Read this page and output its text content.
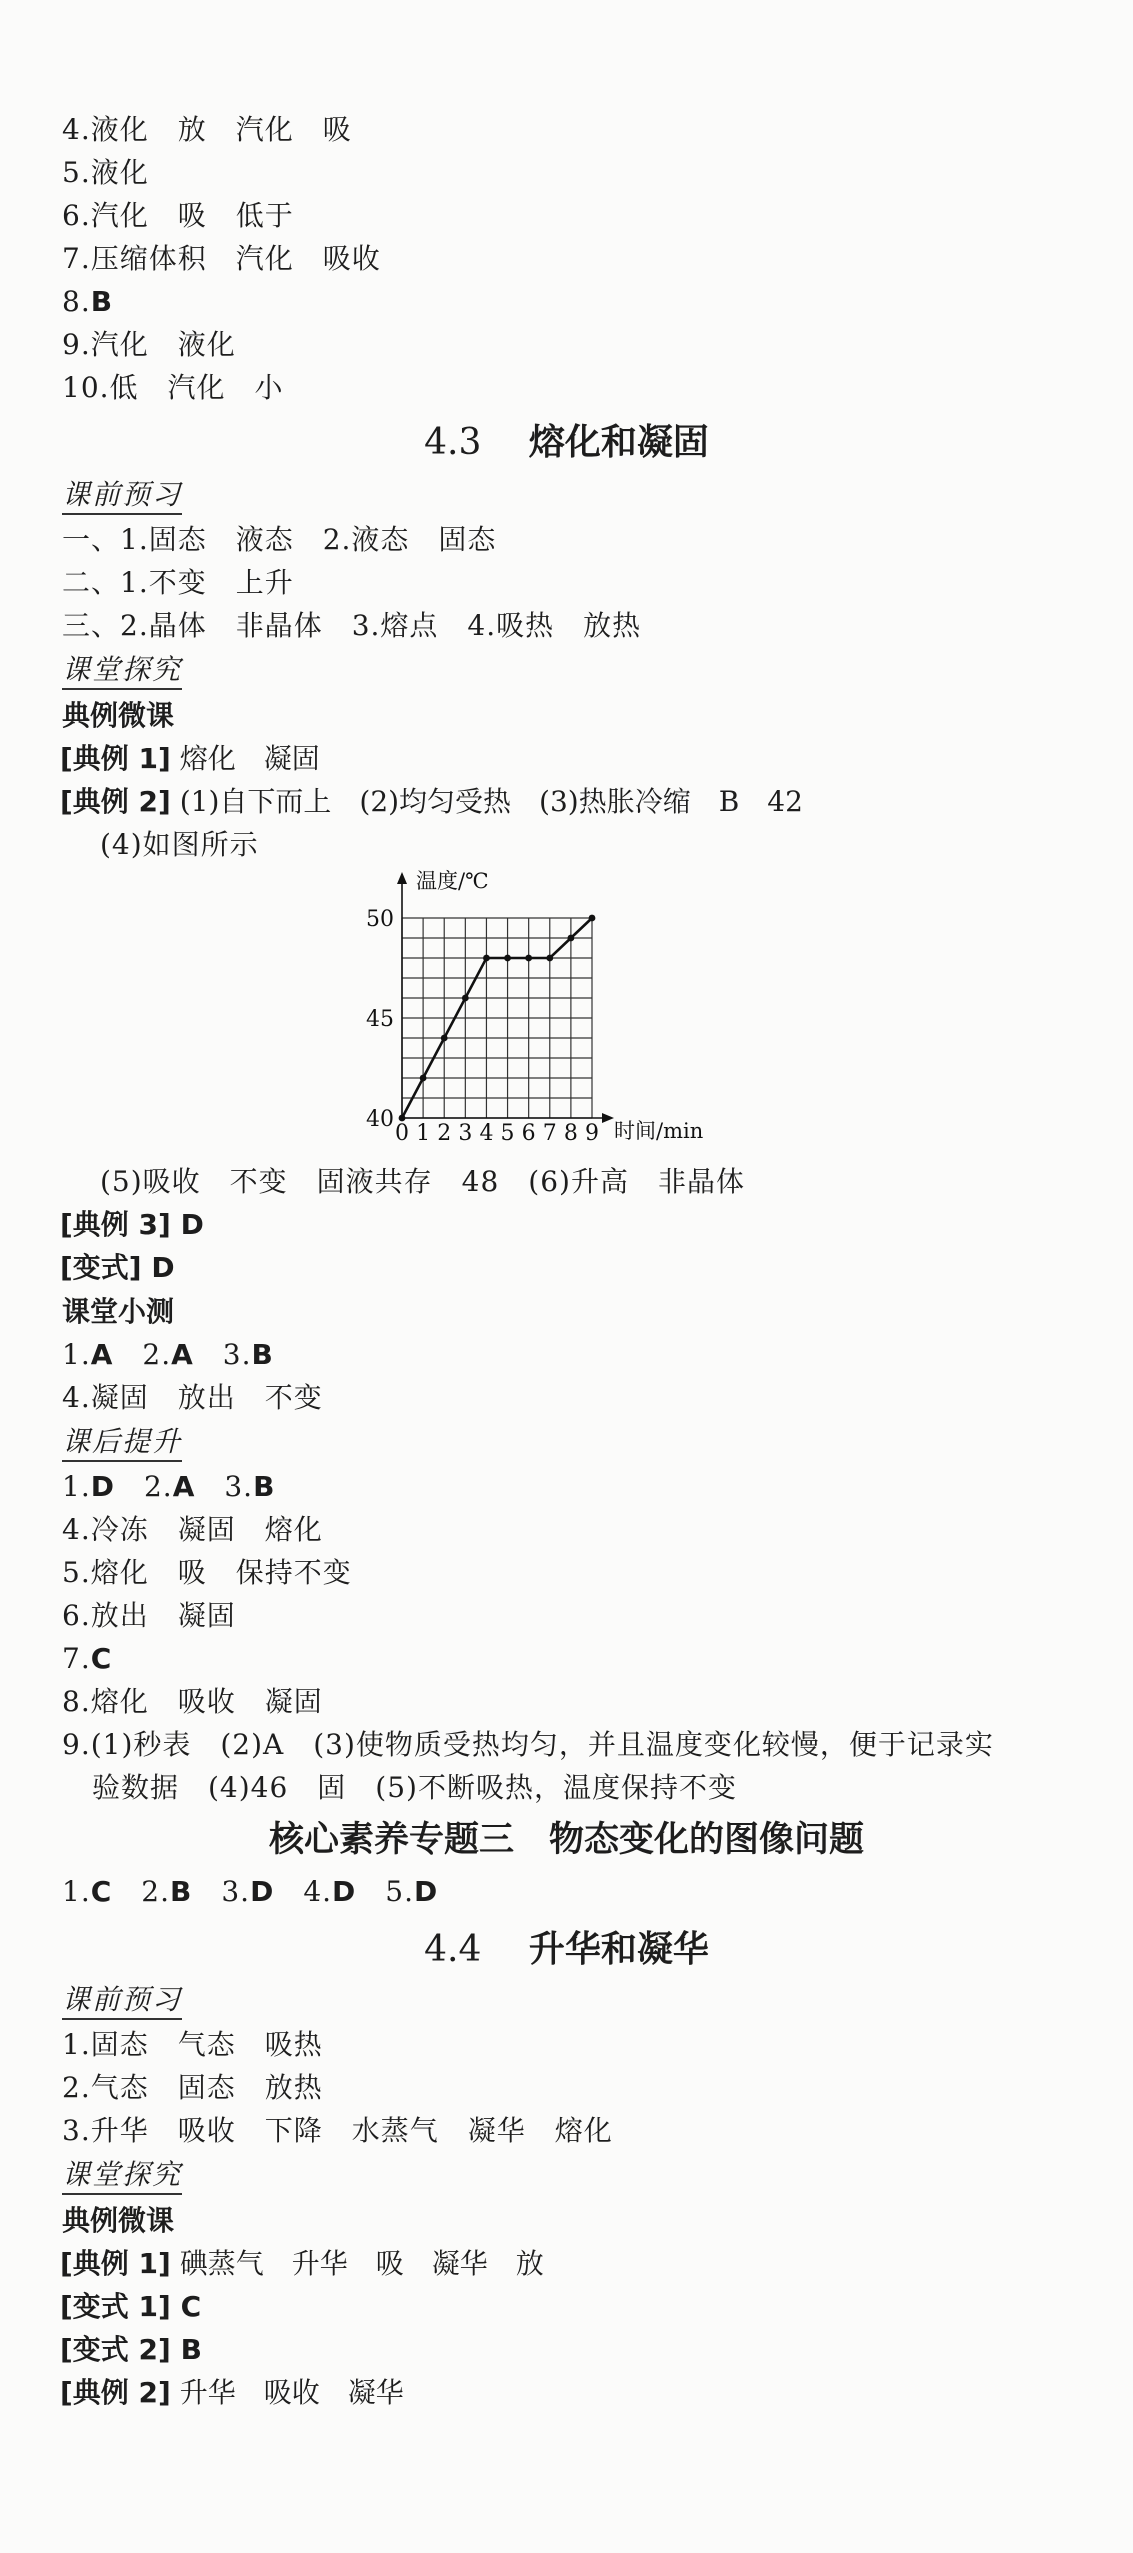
4.液化　放　汽化　吸
5.液化
6.汽化　吸　低于
7.压缩体积　汽化　吸收
8.B
9.汽化　液化
10.低　汽化　小
4.3　 熔化和凝固
课前预习
一、1.固态　液态　2.液态　固态
二、1.不变　上升
三、2.晶体　非晶体　3.熔点　4.吸热　放热
课堂探究
典例微课
[典例 1] 熔化　凝固
[典例 2] (1)自下而上　(2)均匀受热　(3)热胀冷缩　B　42
(4)如图所示
温度/℃
时间/min
40
45
50
0 1 2 3 4 5 6 7 8 9
(5)吸收　不变　固液共存　48　(6)升高　非晶体
[典例 3] D
[变式] D
课堂小测
1.A　2.A　3.B
4.凝固　放出　不变
课后提升
1.D　2.A　3.B
4.冷冻　凝固　熔化
5.熔化　吸　保持不变
6.放出　凝固
7.C
8.熔化　吸收　凝固
9.(1)秒表　(2)A　(3)使物质受热均匀，并且温度变化较慢，便于记录实
验数据　(4)46　固　(5)不断吸热，温度保持不变
核心素养专题三　物态变化的图像问题
1.C　2.B　3.D　4.D　5.D
4.4　 升华和凝华
课前预习
1.固态　气态　吸热
2.气态　固态　放热
3.升华　吸收　下降　水蒸气　凝华　熔化
课堂探究
典例微课
[典例 1] 碘蒸气　升华　吸　凝华　放
[变式 1] C
[变式 2] B
[典例 2] 升华　吸收　凝华
